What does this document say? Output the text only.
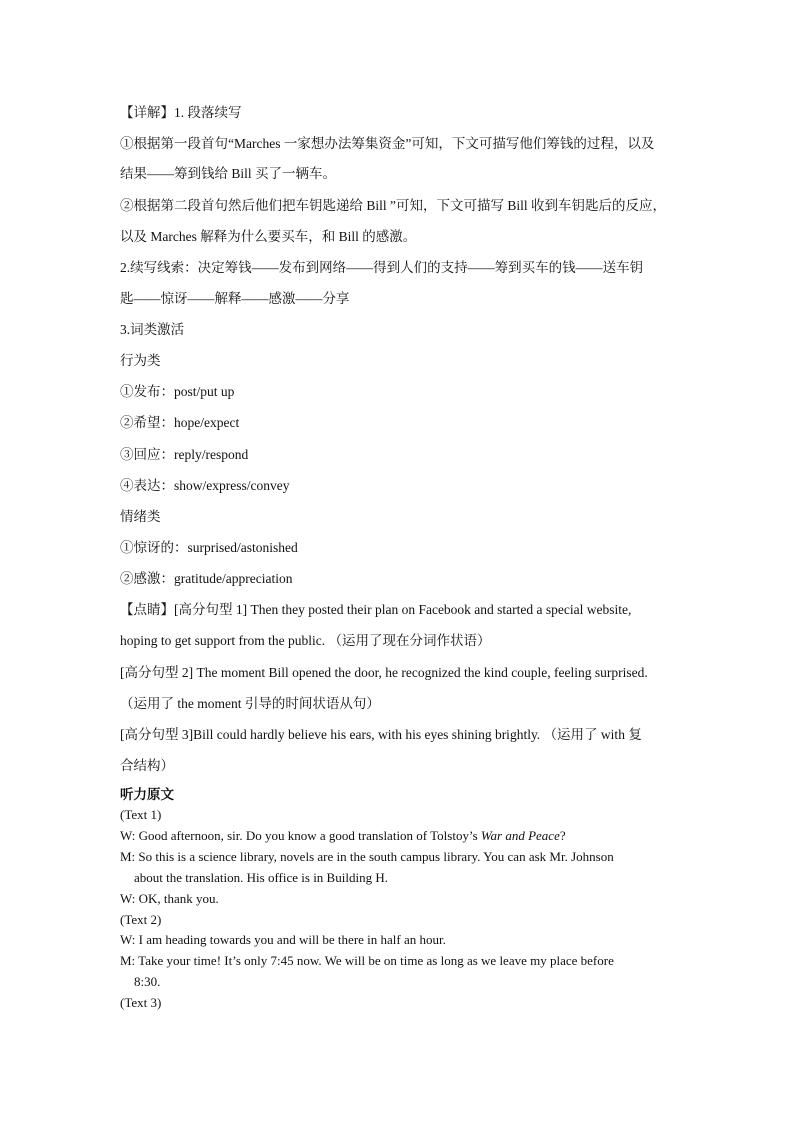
【详解】1. 段落续写
①根据第一段首句“Marches 一家想办法筹集资金”可知，下文可描写他们筹钱的过程，以及
结果——筹到钱给 Bill 买了一辆车。
②根据第二段首句然后他们把车钥匙递给 Bill ”可知，下文可描写 Bill 收到车钥匙后的反应，
以及 Marches 解释为什么要买车，和 Bill 的感激。
2.续写线索：决定筹钱——发布到网络——得到人们的支持——筹到买车的钱——送车钥
匙——惊讶——解释——感激——分享
3.词类激活
行为类
①发布：post/put up
②希望：hope/expect
③回应：reply/respond
④表达：show/express/convey
情绪类
①惊讶的：surprised/astonished
②感激：gratitude/appreciation
【点睛】[高分句型 1] Then they posted their plan on Facebook and started a special website,
hoping to get support from the public. （运用了现在分词作状语）
[高分句型 2] The moment Bill opened the door, he recognized the kind couple, feeling surprised.
（运用了 the moment 引导的时间状语从句）
[高分句型 3]Bill could hardly believe his ears, with his eyes shining brightly. （运用了 with 复
合结构）
听力原文
(Text 1)
W: Good afternoon, sir. Do you know a good translation of Tolstoy’s War and Peace?
M: So this is a science library, novels are in the south campus library. You can ask Mr. Johnson
about the translation. His office is in Building H.
W: OK, thank you.
(Text 2)
W: I am heading towards you and will be there in half an hour.
M: Take your time! It’s only 7:45 now. We will be on time as long as we leave my place before
8:30.
(Text 3)
